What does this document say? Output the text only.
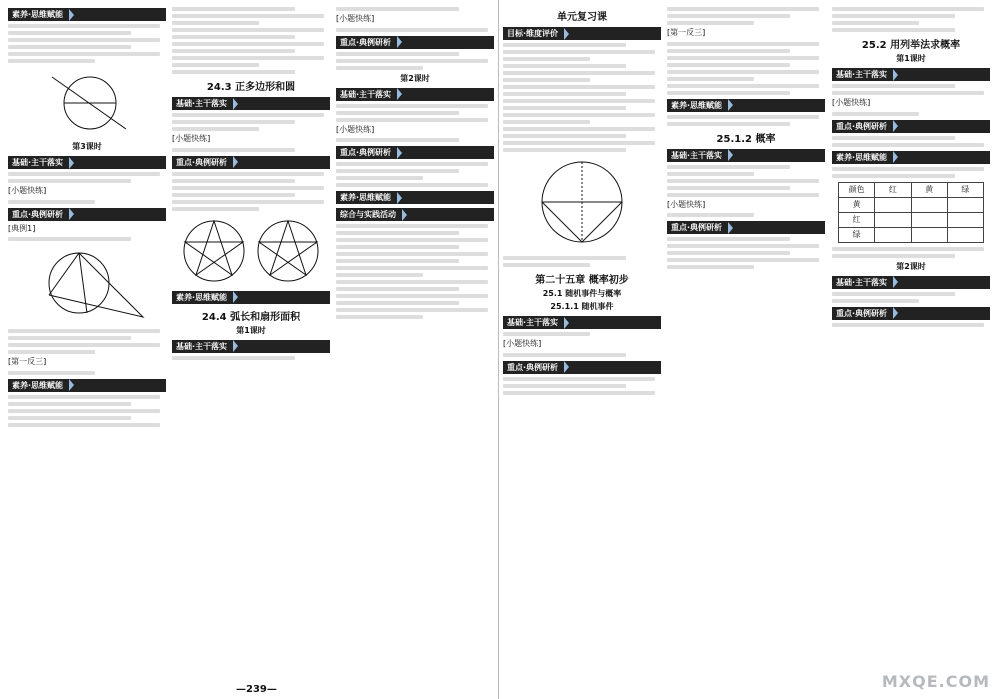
素养·思维赋能
第3课时
基础·主干落实
[小题快练]
重点·典例研析
[典例1]
[第一反三]
素养·思维赋能
24.3 正多边形和圆
基础·主干落实
[小题快练]
重点·典例研析
素养·思维赋能
24.4 弧长和扇形面积
第1课时
基础·主干落实
[小题快练]
重点·典例研析
第2课时
基础·主干落实
[小题快练]
重点·典例研析
素养·思维赋能
综合与实践活动
单元复习课
目标·维度评价
第二十五章 概率初步
25.1 随机事件与概率
25.1.1 随机事件
基础·主干落实
[小题快练]
重点·典例研析
[第一反三]
素养·思维赋能
25.1.2 概率
基础·主干落实
[小题快练]
重点·典例研析
25.2 用列举法求概率
第1课时
基础·主干落实
[小题快练]
重点·典例研析
素养·思维赋能
颜色	红	黄	绿
黄			
红			
绿			
第2课时
基础·主干落实
重点·典例研析
—239—	MXQE.COM
